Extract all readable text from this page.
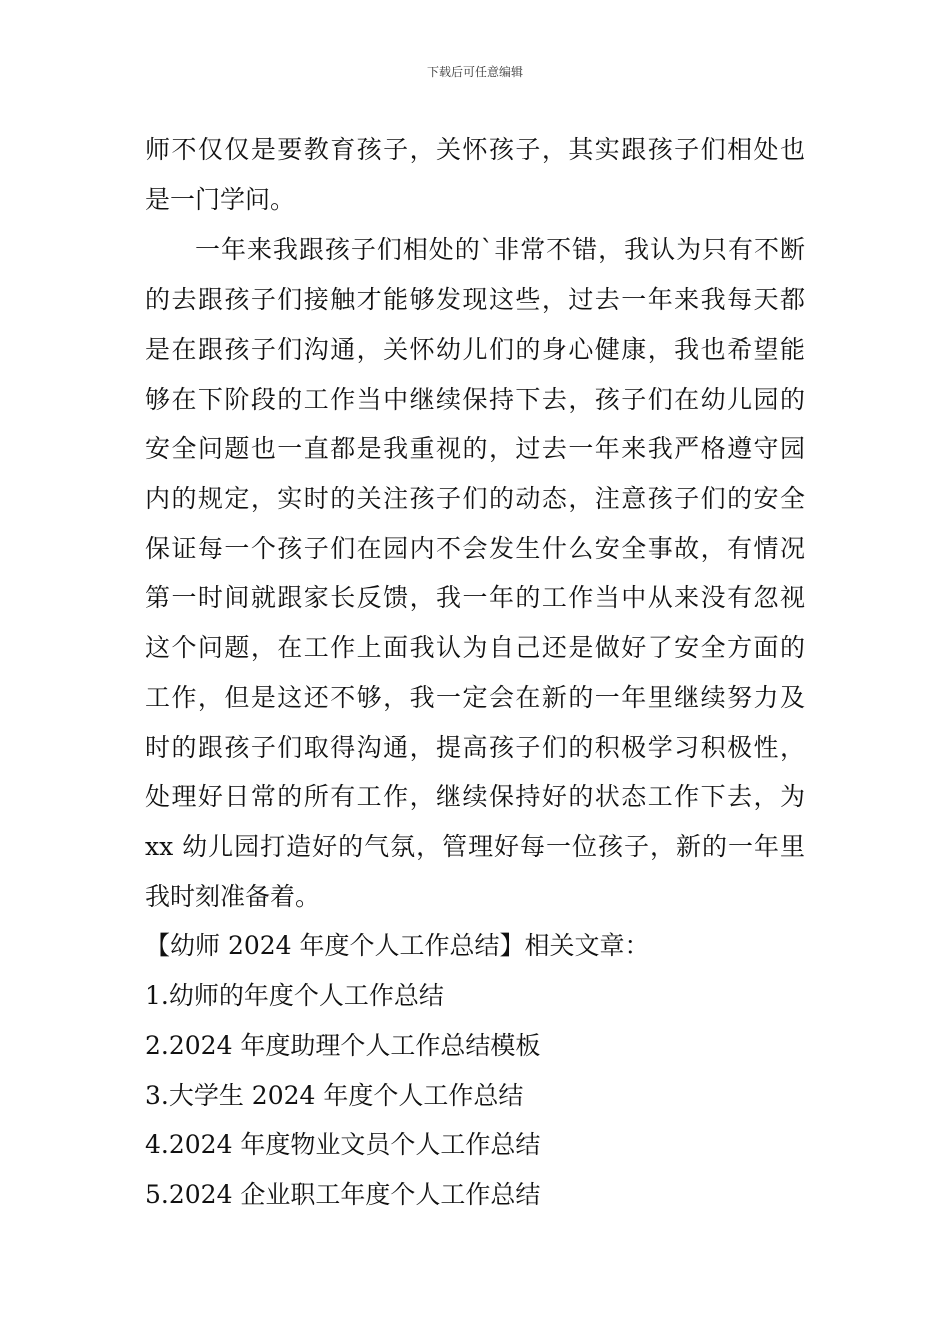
下载后可任意编辑
师不仅仅是要教育孩子，关怀孩子，其实跟孩子们相处也
是一门学问。
一年来我跟孩子们相处的`非常不错，我认为只有不断
的去跟孩子们接触才能够发现这些，过去一年来我每天都
是在跟孩子们沟通，关怀幼儿们的身心健康，我也希望能
够在下阶段的工作当中继续保持下去，孩子们在幼儿园的
安全问题也一直都是我重视的，过去一年来我严格遵守园
内的规定，实时的关注孩子们的动态，注意孩子们的安全
保证每一个孩子们在园内不会发生什么安全事故，有情况
第一时间就跟家长反馈，我一年的工作当中从来没有忽视
这个问题，在工作上面我认为自己还是做好了安全方面的
工作，但是这还不够，我一定会在新的一年里继续努力及
时的跟孩子们取得沟通，提高孩子们的积极学习积极性，
处理好日常的所有工作，继续保持好的状态工作下去，为
xx 幼儿园打造好的气氛，管理好每一位孩子，新的一年里
我时刻准备着。
【幼师 2024 年度个人工作总结】相关文章：
1.幼师的年度个人工作总结
2.2024 年度助理个人工作总结模板
3.大学生 2024 年度个人工作总结
4.2024 年度物业文员个人工作总结
5.2024 企业职工年度个人工作总结
